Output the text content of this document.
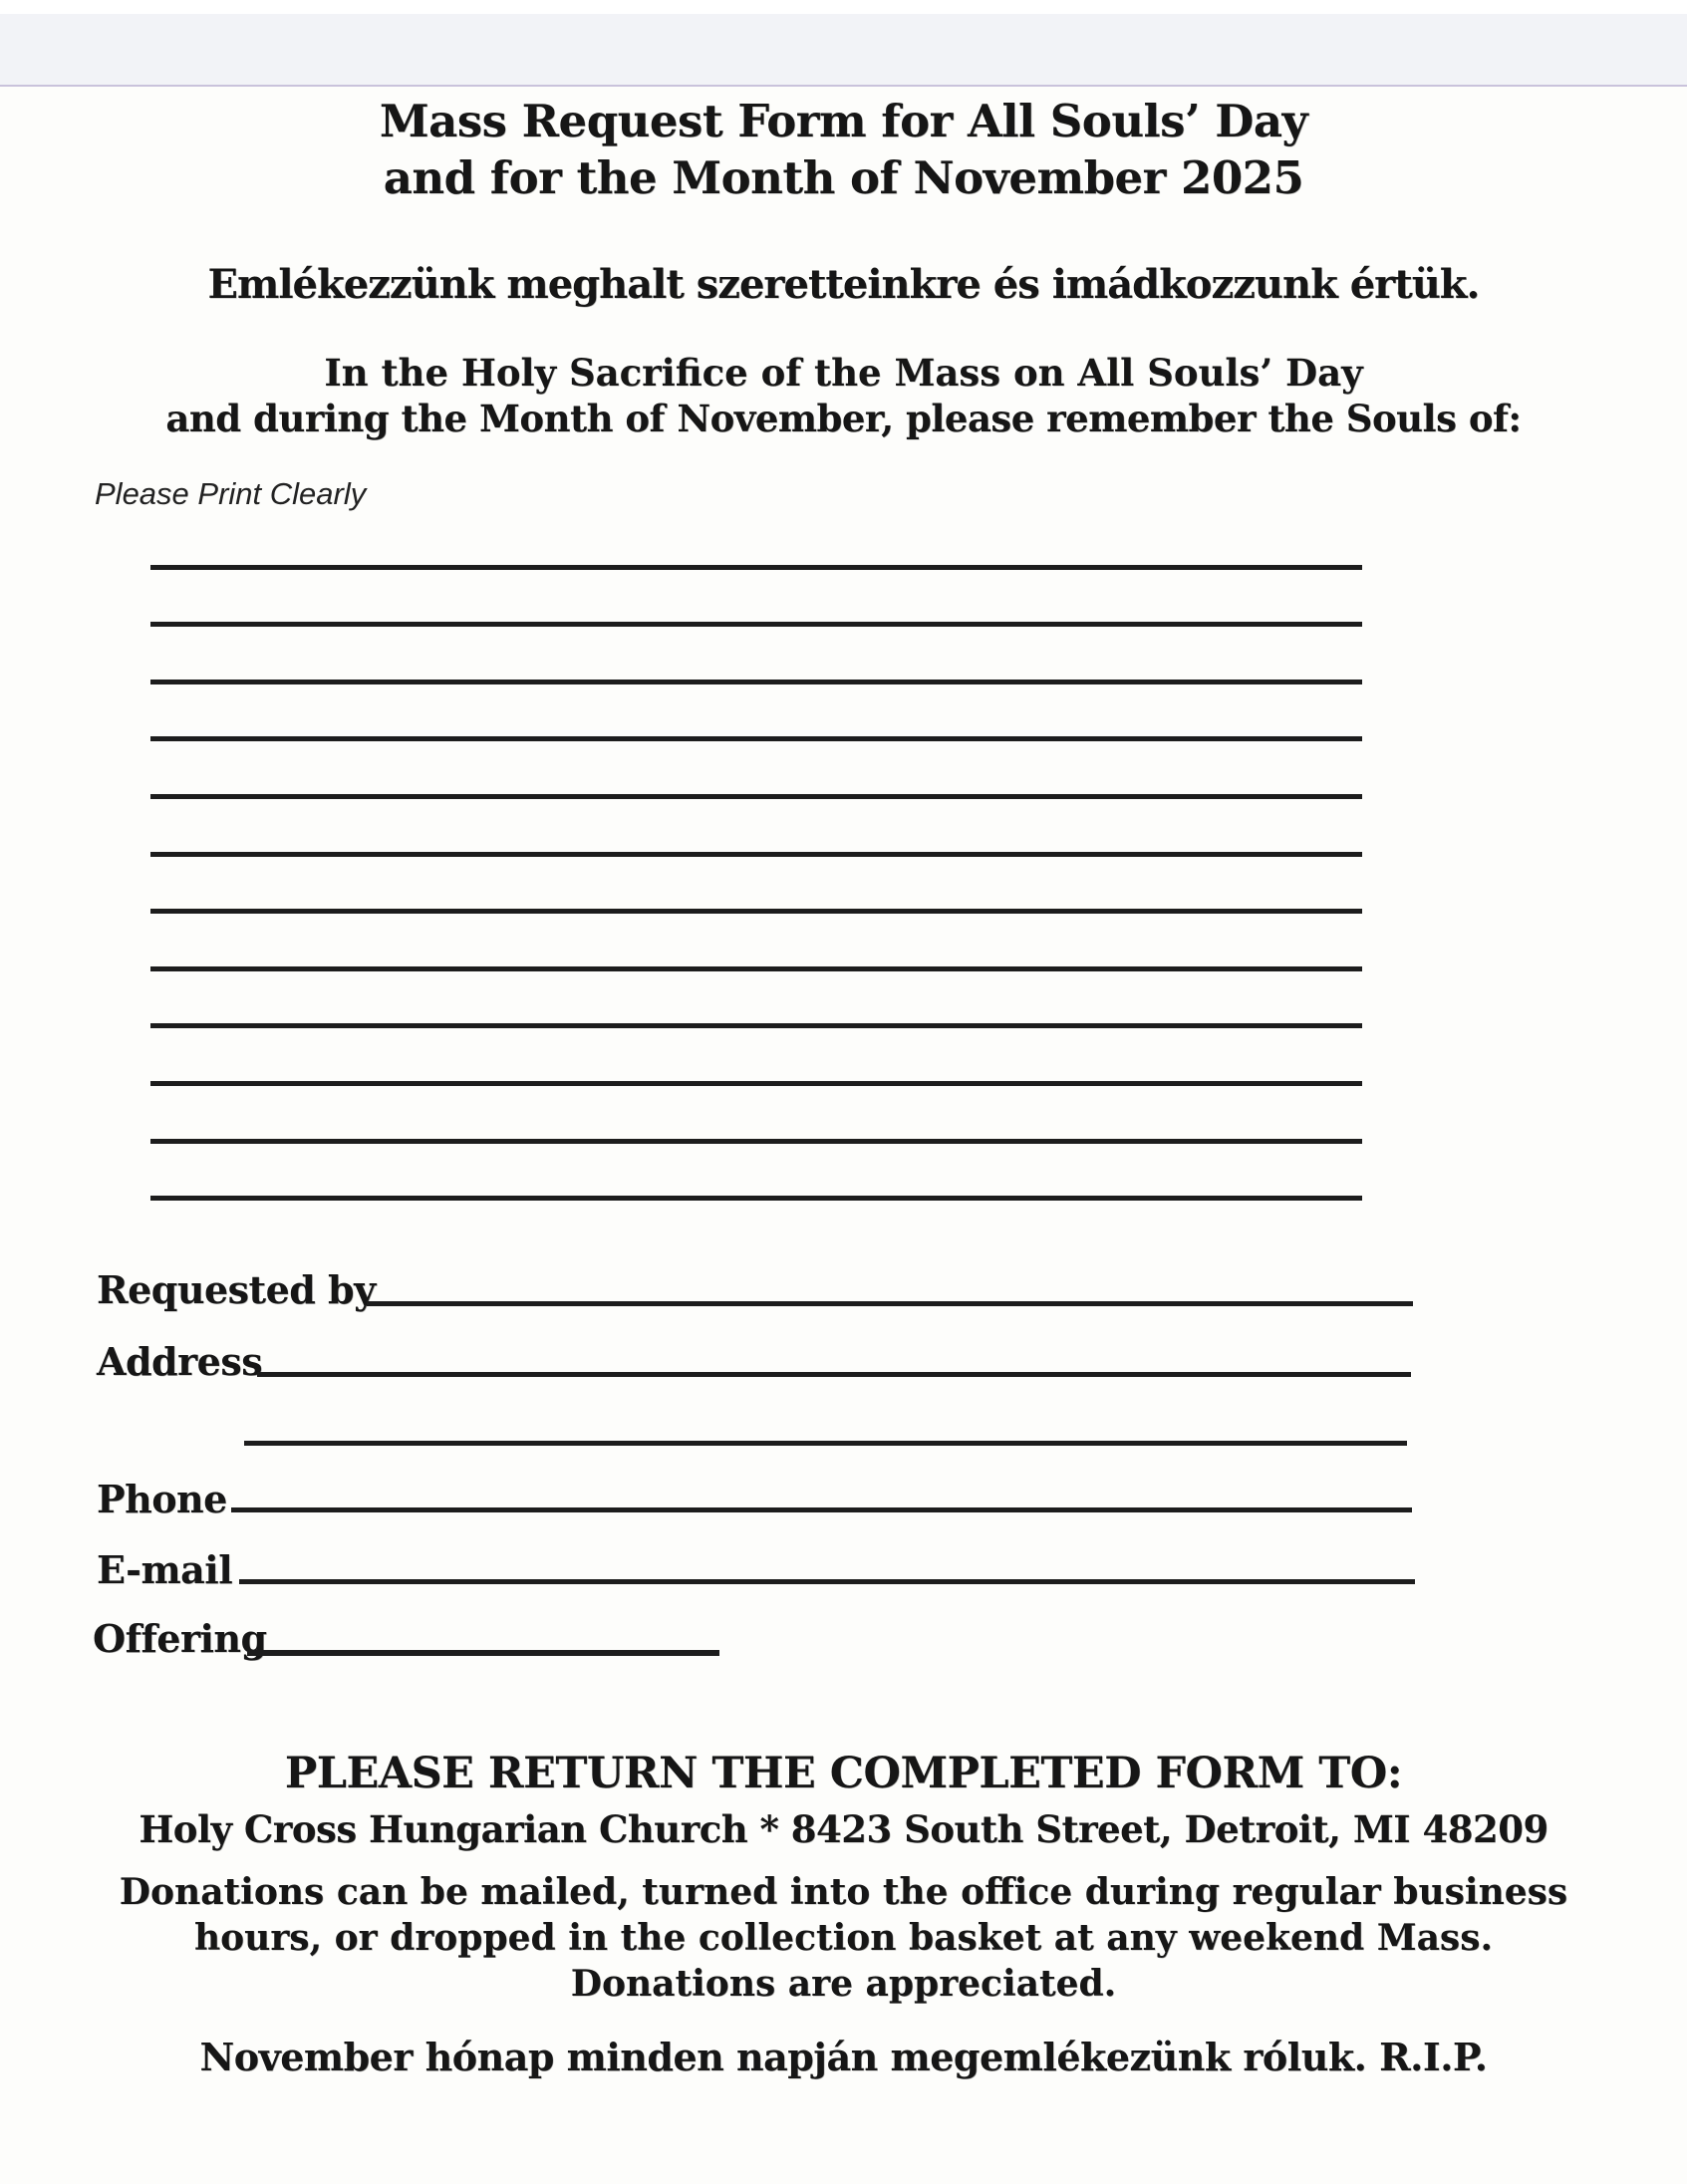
Mass Request Form for All Souls’ Day
and for the Month of November 2025
Emlékezzünk meghalt szeretteinkre és imádkozzunk értük.
In the Holy Sacrifice of the Mass on All Souls’ Day
and during the Month of November, please remember the Souls of:
Please Print Clearly
Requested by
Address
Phone
E-mail
Offering
PLEASE RETURN THE COMPLETED FORM TO:
Holy Cross Hungarian Church * 8423 South Street, Detroit, MI 48209
Donations can be mailed, turned into the office during regular business
hours, or dropped in the collection basket at any weekend Mass.
Donations are appreciated.
November hónap minden napján megemlékezünk róluk. R.I.P.
